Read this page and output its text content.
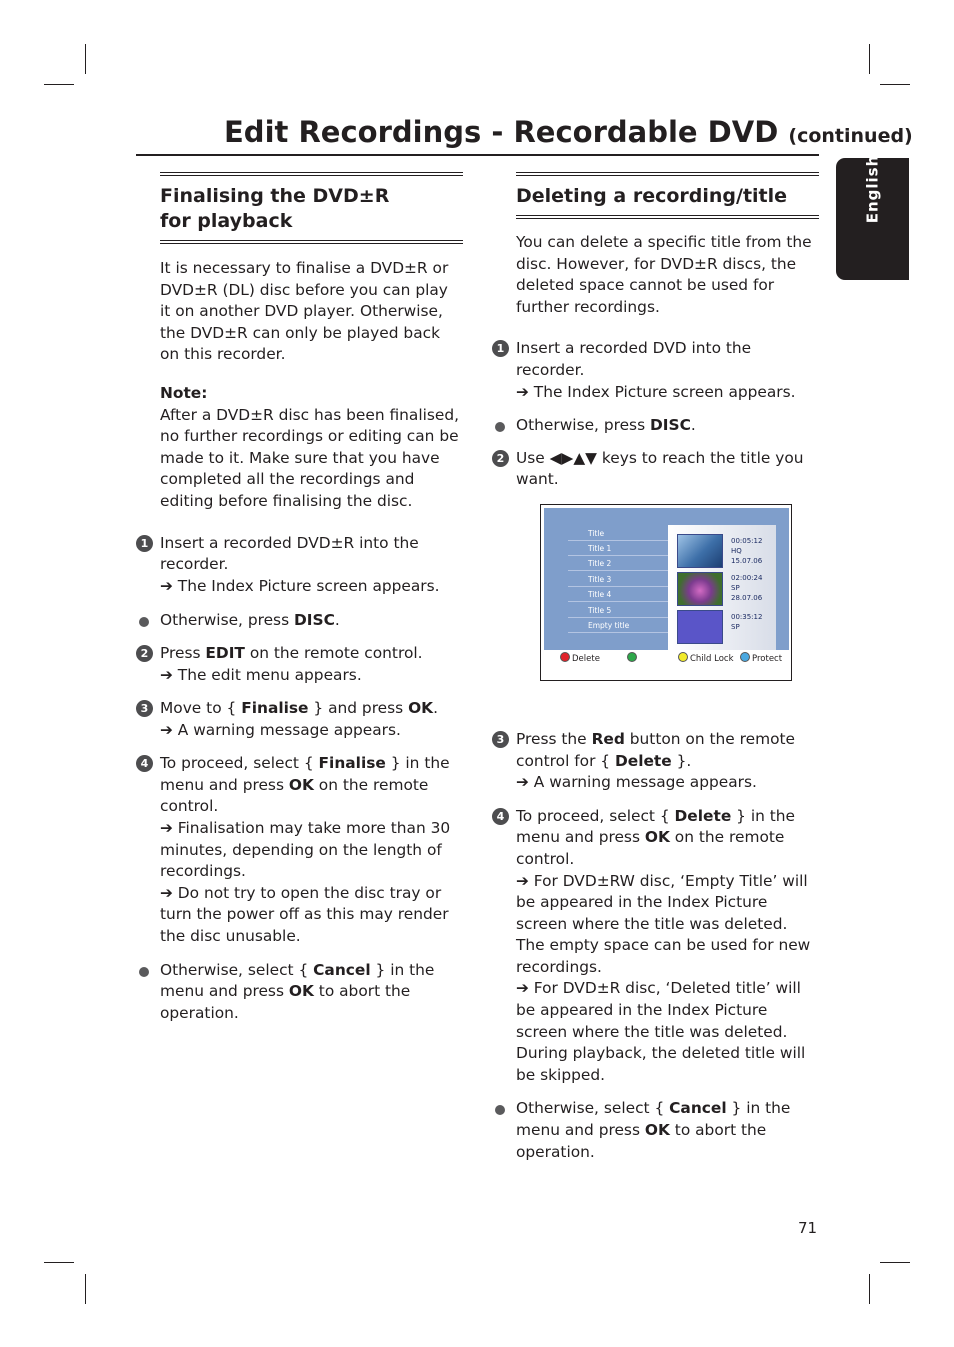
Edit Recordings - Recordable DVD (continued)
English
Finalising the DVD±R for playback

It is necessary to finalise a DVD±R or DVD±R (DL) disc before you can play it on another DVD player. Otherwise, the DVD±R can only be played back on this recorder.

Note:

After a DVD±R disc has been finalised, no further recordings or editing can be made to it. Make sure that you have completed all the recordings and editing before finalising the disc.

1 Insert a recorded DVD±R into the recorder.
➔ The Index Picture screen appears.
Otherwise, press DISC.
2 Press EDIT on the remote control.
➔ The edit menu appears.
3 Move to { Finalise } and press OK.
➔ A warning message appears.
4 To proceed, select { Finalise } in the menu and press OK on the remote control.
➔ Finalisation may take more than 30 minutes, depending on the length of recordings.
➔ Do not try to open the disc tray or turn the power off as this may render the disc unusable.
Otherwise, select { Cancel } in the menu and press OK to abort the operation.
Deleting a recording/title

You can delete a specific title from the disc. However, for DVD±R discs, the deleted space cannot be used for further recordings.

1 Insert a recorded DVD into the recorder.
➔ The Index Picture screen appears.
Otherwise, press DISC.
2 Use ◀▶▲▼ keys to reach the title you want.
3 Press the Red button on the remote control for { Delete }.
➔ A warning message appears.
4 To proceed, select { Delete } in the menu and press OK on the remote control.
➔ For DVD±RW disc, ‘Empty Title’ will be appeared in the Index Picture screen where the title was deleted. The empty space can be used for new recordings.
➔ For DVD±R disc, ‘Deleted title’ will be appeared in the Index Picture screen where the title was deleted. During playback, the deleted title will be skipped.
Otherwise, select { Cancel } in the menu and press OK to abort the operation.
Title
Title 1
Title 2
Title 3
Title 4
Title 5
Empty title
00:05:12
HQ
15.07.06
02:00:24
SP
28.07.06
00:35:12
SP
Delete	Child Lock	Protect
71
